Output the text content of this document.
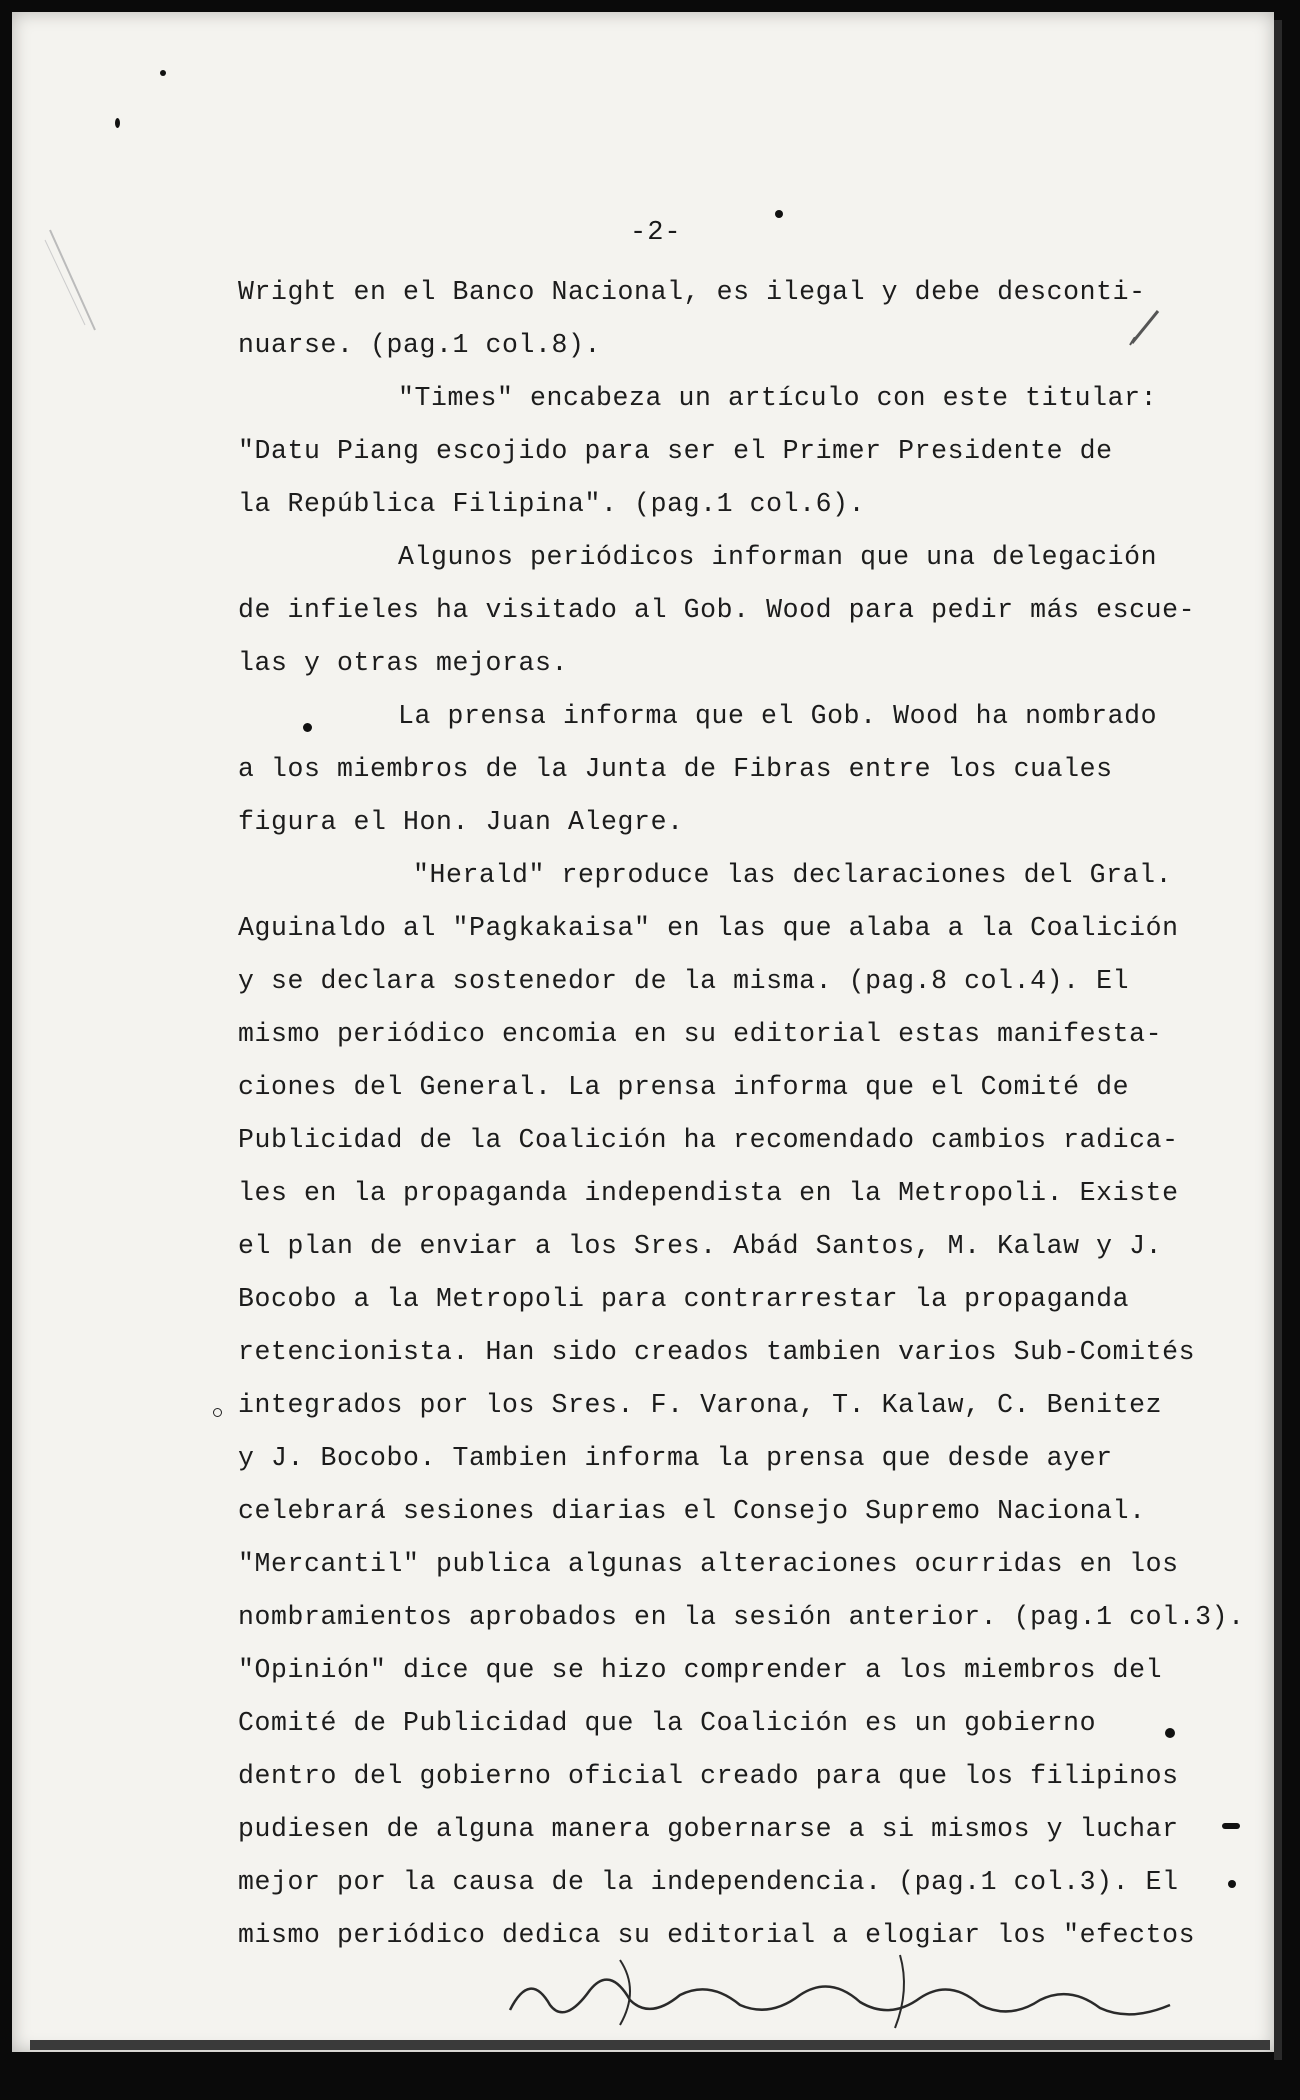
-2-
Wright en el Banco Nacional, es ilegal y debe desconti-
nuarse. (pag.1 col.8).
"Times" encabeza un artículo con este titular:
"Datu Piang escojido para ser el Primer Presidente de
la República Filipina". (pag.1 col.6).
Algunos periódicos informan que una delegación
de infieles ha visitado al Gob. Wood para pedir más escue-
las y otras mejoras.
La prensa informa que el Gob. Wood ha nombrado
a los miembros de la Junta de Fibras entre los cuales
figura el Hon. Juan Alegre.
"Herald" reproduce las declaraciones del Gral.
Aguinaldo al "Pagkakaisa" en las que alaba a la Coalición
y se declara sostenedor de la misma. (pag.8 col.4). El
mismo periódico encomia en su editorial estas manifesta-
ciones del General. La prensa informa que el Comité de
Publicidad de la Coalición ha recomendado cambios radica-
les en la propaganda independista en la Metropoli. Existe
el plan de enviar a los Sres. Abád Santos, M. Kalaw y J.
Bocobo a la Metropoli para contrarrestar la propaganda
retencionista. Han sido creados tambien varios Sub-Comités
integrados por los Sres. F. Varona, T. Kalaw, C. Benitez
y J. Bocobo. Tambien informa la prensa que desde ayer
celebrará sesiones diarias el Consejo Supremo Nacional.
"Mercantil" publica algunas alteraciones ocurridas en los
nombramientos aprobados en la sesión anterior. (pag.1 col.3).
"Opinión" dice que se hizo comprender a los miembros del
Comité de Publicidad que la Coalición es un gobierno
dentro del gobierno oficial creado para que los filipinos
pudiesen de alguna manera gobernarse a si mismos y luchar
mejor por la causa de la independencia. (pag.1 col.3). El
mismo periódico dedica su editorial a elogiar los "efectos
